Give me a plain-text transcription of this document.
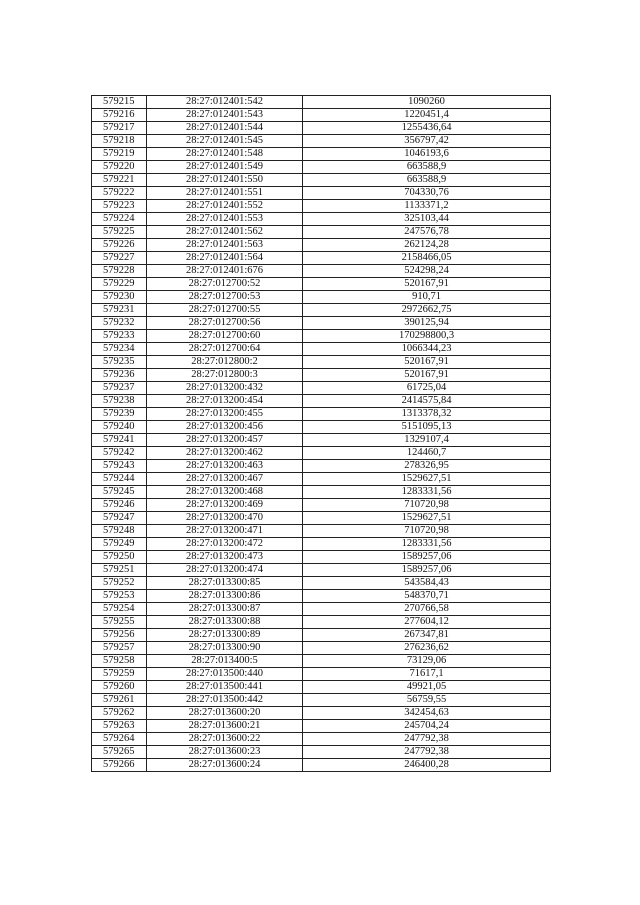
579215	28:27:012401:542	1090260
579216	28:27:012401:543	1220451,4
579217	28:27:012401:544	1255436,64
579218	28:27:012401:545	356797,42
579219	28:27:012401:548	1046193,6
579220	28:27:012401:549	663588,9
579221	28:27:012401:550	663588,9
579222	28:27:012401:551	704330,76
579223	28:27:012401:552	1133371,2
579224	28:27:012401:553	325103,44
579225	28:27:012401:562	247576,78
579226	28:27:012401:563	262124,28
579227	28:27:012401:564	2158466,05
579228	28:27:012401:676	524298,24
579229	28:27:012700:52	520167,91
579230	28:27:012700:53	910,71
579231	28:27:012700:55	2972662,75
579232	28:27:012700:56	390125,94
579233	28:27:012700:60	170298800,3
579234	28:27:012700:64	1066344,23
579235	28:27:012800:2	520167,91
579236	28:27:012800:3	520167,91
579237	28:27:013200:432	61725,04
579238	28:27:013200:454	2414575,84
579239	28:27:013200:455	1313378,32
579240	28:27:013200:456	5151095,13
579241	28:27:013200:457	1329107,4
579242	28:27:013200:462	124460,7
579243	28:27:013200:463	278326,95
579244	28:27:013200:467	1529627,51
579245	28:27:013200:468	1283331,56
579246	28:27:013200:469	710720,98
579247	28:27:013200:470	1529627,51
579248	28:27:013200:471	710720,98
579249	28:27:013200:472	1283331,56
579250	28:27:013200:473	1589257,06
579251	28:27:013200:474	1589257,06
579252	28:27:013300:85	543584,43
579253	28:27:013300:86	548370,71
579254	28:27:013300:87	270766,58
579255	28:27:013300:88	277604,12
579256	28:27:013300:89	267347,81
579257	28:27:013300:90	276236,62
579258	28:27:013400:5	73129,06
579259	28:27:013500:440	71617,1
579260	28:27:013500:441	49921,05
579261	28:27:013500:442	56759,55
579262	28:27:013600:20	342454,63
579263	28:27:013600:21	245704,24
579264	28:27:013600:22	247792,38
579265	28:27:013600:23	247792,38
579266	28:27:013600:24	246400,28
